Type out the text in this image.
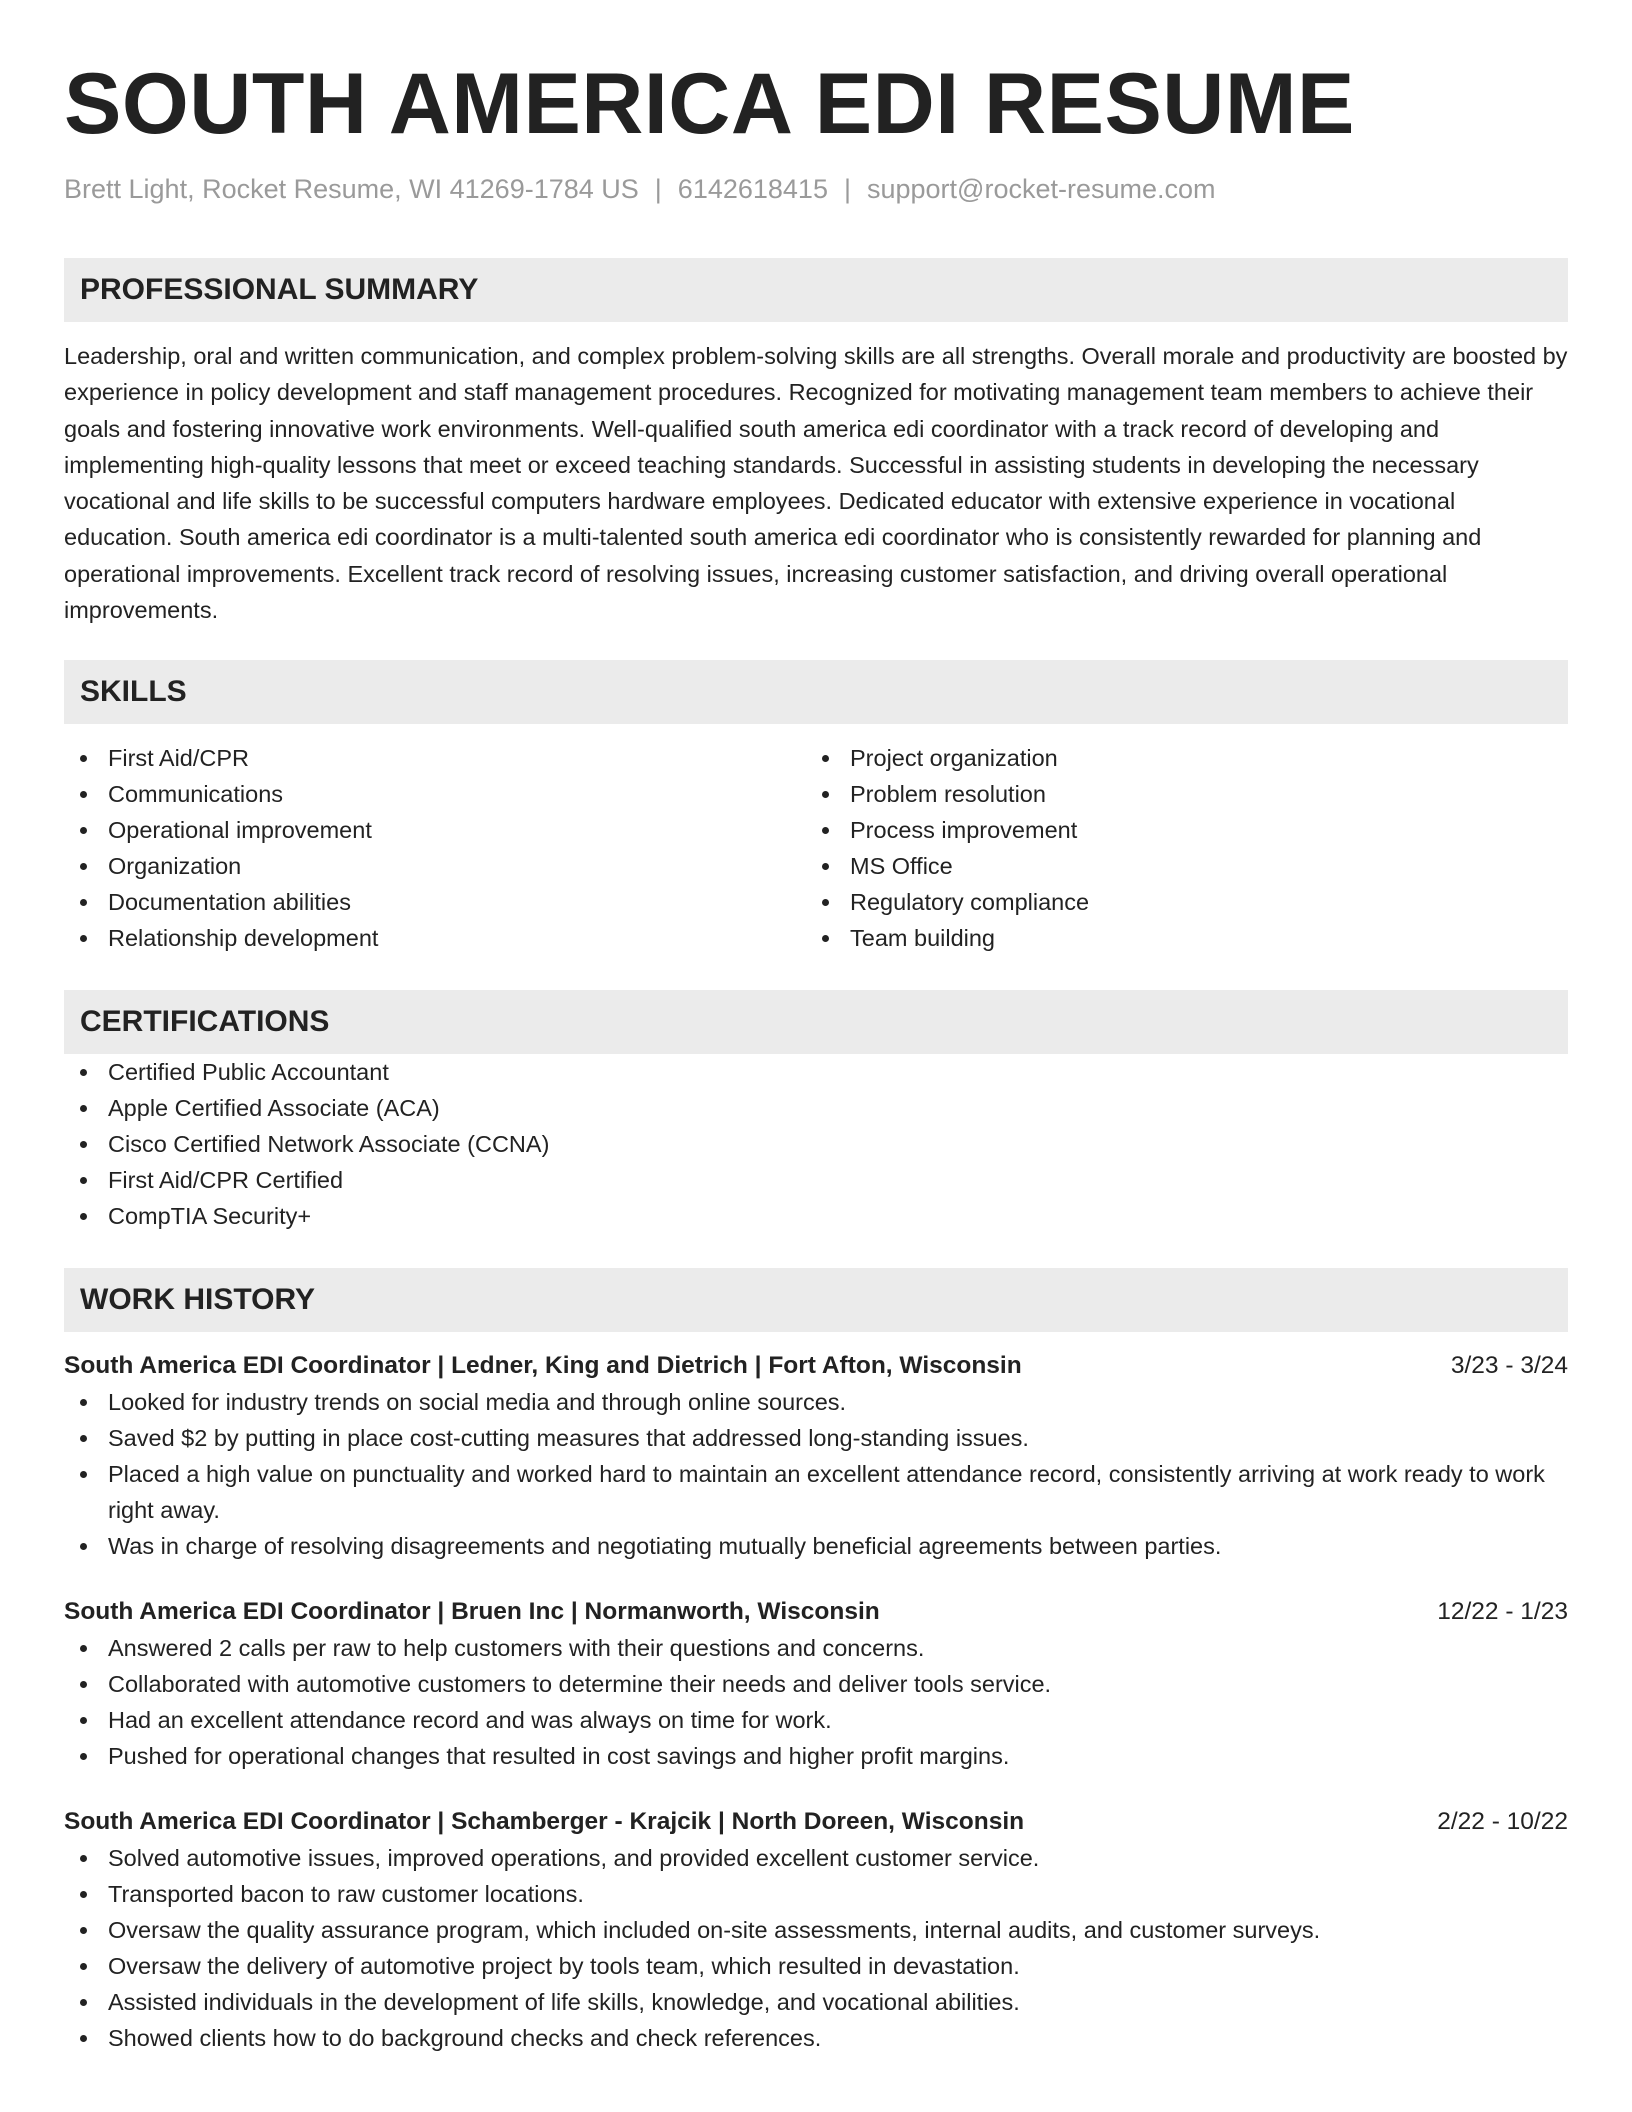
SOUTH AMERICA EDI RESUME
Brett Light, Rocket Resume, WI 41269-1784 US | 6142618415 | support@rocket-resume.com
PROFESSIONAL SUMMARY

Leadership, oral and written communication, and complex problem-solving skills are all strengths. Overall morale and productivity are boosted by experience in policy development and staff management procedures. Recognized for motivating management team members to achieve their goals and fostering innovative work environments. Well-qualified south america edi coordinator with a track record of developing and implementing high-quality lessons that meet or exceed teaching standards. Successful in assisting students in developing the necessary vocational and life skills to be successful computers hardware employees. Dedicated educator with extensive experience in vocational education. South america edi coordinator is a multi-talented south america edi coordinator who is consistently rewarded for planning and operational improvements. Excellent track record of resolving issues, increasing customer satisfaction, and driving overall operational improvements.

SKILLS
First Aid/CPR
Communications
Operational improvement
Organization
Documentation abilities
Relationship development
Project organization
Problem resolution
Process improvement
MS Office
Regulatory compliance
Team building
CERTIFICATIONS
Certified Public Accountant
Apple Certified Associate (ACA)
Cisco Certified Network Associate (CCNA)
First Aid/CPR Certified
CompTIA Security+
WORK HISTORY
South America EDI Coordinator | Ledner, King and Dietrich | Fort Afton, Wisconsin	3/23 - 3/24
Looked for industry trends on social media and through online sources.
Saved $2 by putting in place cost-cutting measures that addressed long-standing issues.
Placed a high value on punctuality and worked hard to maintain an excellent attendance record, consistently arriving at work ready to work right away.
Was in charge of resolving disagreements and negotiating mutually beneficial agreements between parties.
South America EDI Coordinator | Bruen Inc | Normanworth, Wisconsin	12/22 - 1/23
Answered 2 calls per raw to help customers with their questions and concerns.
Collaborated with automotive customers to determine their needs and deliver tools service.
Had an excellent attendance record and was always on time for work.
Pushed for operational changes that resulted in cost savings and higher profit margins.
South America EDI Coordinator | Schamberger - Krajcik | North Doreen, Wisconsin	2/22 - 10/22
Solved automotive issues, improved operations, and provided excellent customer service.
Transported bacon to raw customer locations.
Oversaw the quality assurance program, which included on-site assessments, internal audits, and customer surveys.
Oversaw the delivery of automotive project by tools team, which resulted in devastation.
Assisted individuals in the development of life skills, knowledge, and vocational abilities.
Showed clients how to do background checks and check references.
